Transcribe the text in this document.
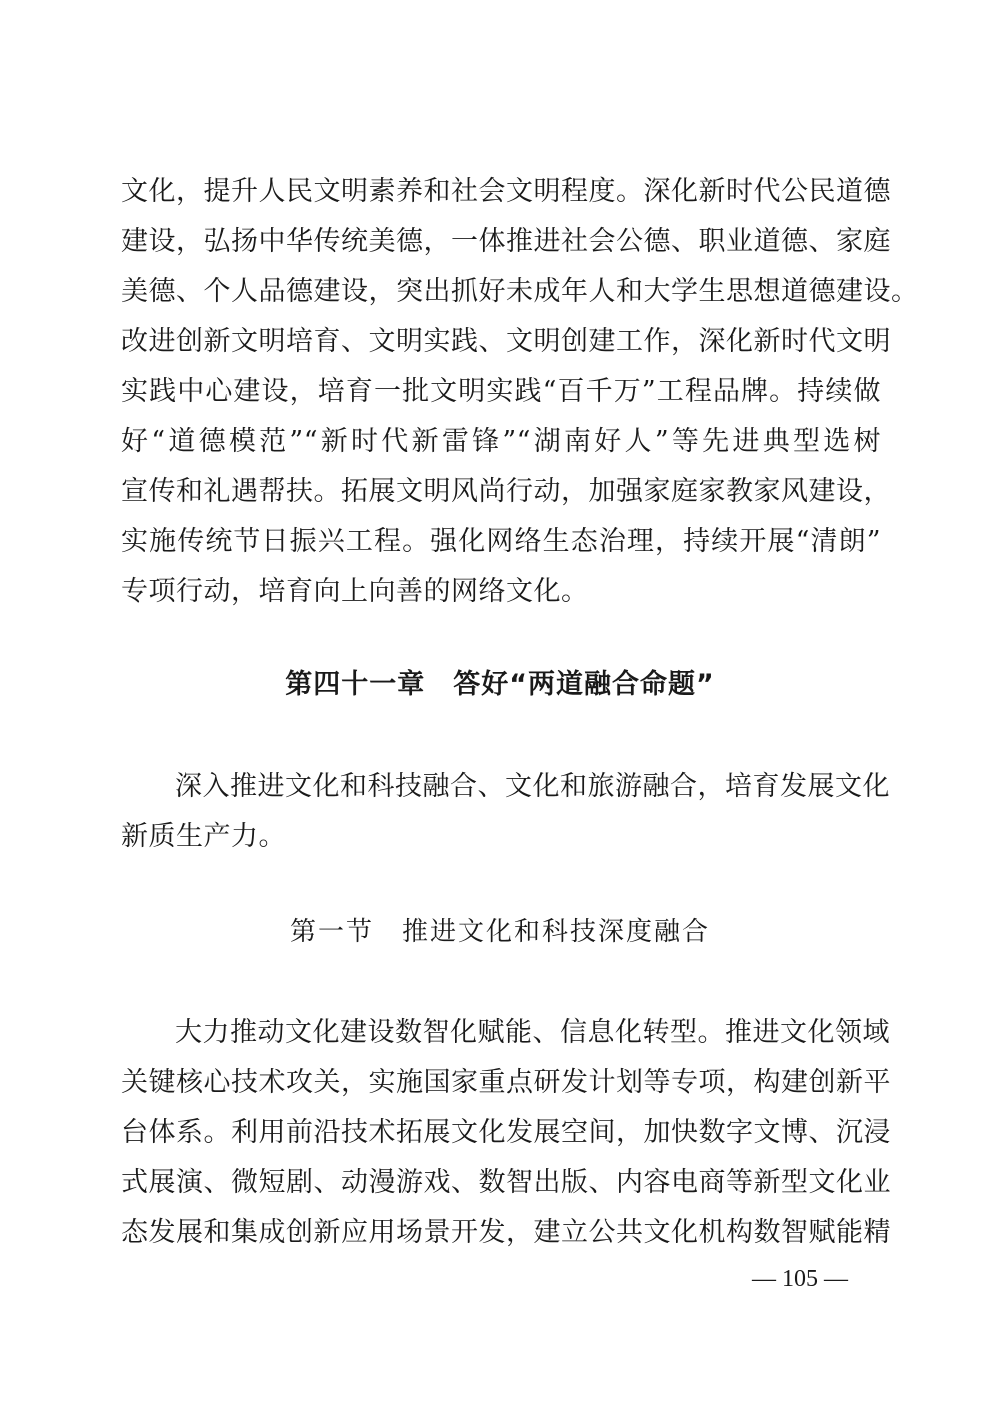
文化，提升人民文明素养和社会文明程度。深化新时代公民道德
建设，弘扬中华传统美德，一体推进社会公德、职业道德、家庭
美德、个人品德建设，突出抓好未成年人和大学生思想道德建设。
改进创新文明培育、文明实践、文明创建工作，深化新时代文明
实践中心建设，培育一批文明实践“百千万”工程品牌。持续做
好“道德模范”“新时代新雷锋”“湖南好人”等先进典型选树
宣传和礼遇帮扶。拓展文明风尚行动，加强家庭家教家风建设，
实施传统节日振兴工程。强化网络生态治理，持续开展“清朗”
专项行动，培育向上向善的网络文化。
第四十一章　答好“两道融合命题”
深入推进文化和科技融合、文化和旅游融合，培育发展文化
新质生产力。
第一节　推进文化和科技深度融合
大力推动文化建设数智化赋能、信息化转型。推进文化领域
关键核心技术攻关，实施国家重点研发计划等专项，构建创新平
台体系。利用前沿技术拓展文化发展空间，加快数字文博、沉浸
式展演、微短剧、动漫游戏、数智出版、内容电商等新型文化业
态发展和集成创新应用场景开发，建立公共文化机构数智赋能精
— 105 —
